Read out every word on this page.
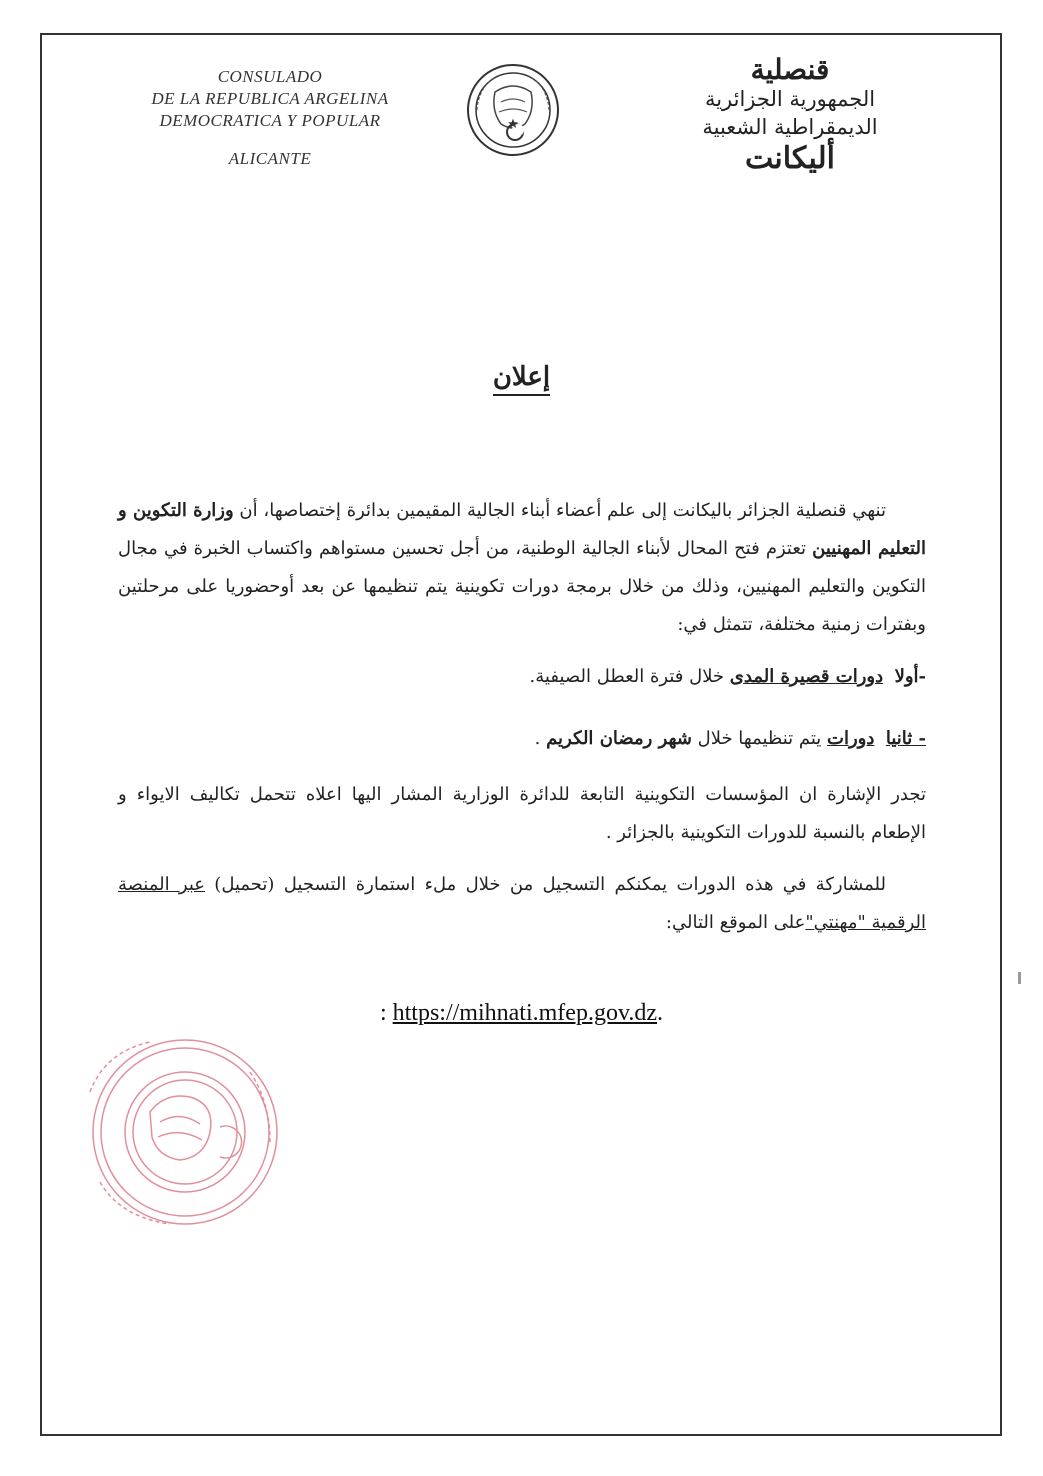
CONSULADO
DE LA REPUBLICA ARGELINA
DEMOCRATICA Y POPULAR
ALICANTE
قنصلية
الجمهورية الجزائرية
الديمقراطية الشعبية
أليكانت
إعلان

تنهي قنصلية الجزائر باليكانت إلى علم أعضاء أبناء الجالية المقيمين بدائرة إختصاصها، أن وزارة التكوين و التعليم المهنيين تعتزم فتح المحال لأبناء الجالية الوطنية، من أجل تحسين مستواهم واكتساب الخبرة في مجال التكوين والتعليم المهنيين، وذلك من خلال برمجة دورات تكوينية يتم تنظيمها عن بعد أوحضوريا على مرحلتين وبفترات زمنية مختلفة، تتمثل في:

-أولا  دورات قصيرة المدى خلال فترة العطل الصيفية.

- ثانيا  دورات يتم تنظيمها خلال شهر رمضان الكريم .

تجدر الإشارة ان المؤسسات التكوينية التابعة للدائرة الوزارية المشار اليها اعلاه تتحمل تكاليف الايواء و الإطعام بالنسبة للدورات التكوينية بالجزائر .

للمشاركة في هذه الدورات يمكنكم التسجيل من خلال ملء استمارة التسجيل (تحميل) عبر المنصة الرقمية "مهنتي"على الموقع التالي:

: https://mihnati.mfep.gov.dz.
